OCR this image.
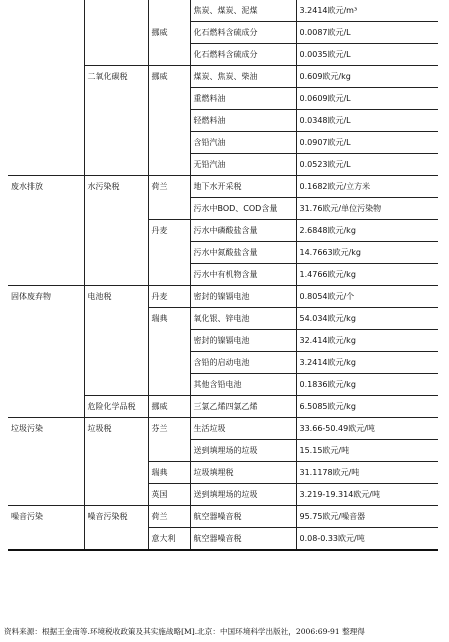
			焦炭、煤炭、泥煤	3.2414欧元/m³
		挪威	化石燃料含硫成分	0.0087欧元/L
			化石燃料含硫成分	0.0035欧元/L
	二氧化碳税	挪威	煤炭、焦炭、柴油	0.609欧元/kg
			重燃料油	0.0609欧元/L
			轻燃料油	0.0348欧元/L
			含铅汽油	0.0907欧元/L
			无铅汽油	0.0523欧元/L
废水排放	水污染税	荷兰	地下水开采税	0.1682欧元/立方米
			污水中BOD、COD含量	31.76欧元/单位污染物
		丹麦	污水中磷酸盐含量	2.6848欧元/kg
			污水中氮酸盐含量	14.7663欧元/kg
			污水中有机物含量	1.4766欧元/kg
固体废弃物	电池税	丹麦	密封的镍镉电池	0.8054欧元/个
		瑞典	氧化银、锌电池	54.034欧元/kg
			密封的镍镉电池	32.414欧元/kg
			含铅的启动电池	3.2414欧元/kg
			其他含铅电池	0.1836欧元/kg
	危险化学品税	挪威	三氯乙烯四氯乙烯	6.5085欧元/kg
垃圾污染	垃圾税	芬兰	生活垃圾	33.66-50.49欧元/吨
			送到填埋场的垃圾	15.15欧元/吨
		瑞典	垃圾填埋税	31.1178欧元/吨
		英国	送到填埋场的垃圾	3.219-19.314欧元/吨
噪音污染	噪音污染税	荷兰	航空器噪音税	95.75欧元/噪音器
		意大利	航空器噪音税	0.08-0.33欧元/吨
资料来源：根据王金南等.环境税收政策及其实施战略[M].北京：中国环境科学出版社，2006:69-91 整理得
